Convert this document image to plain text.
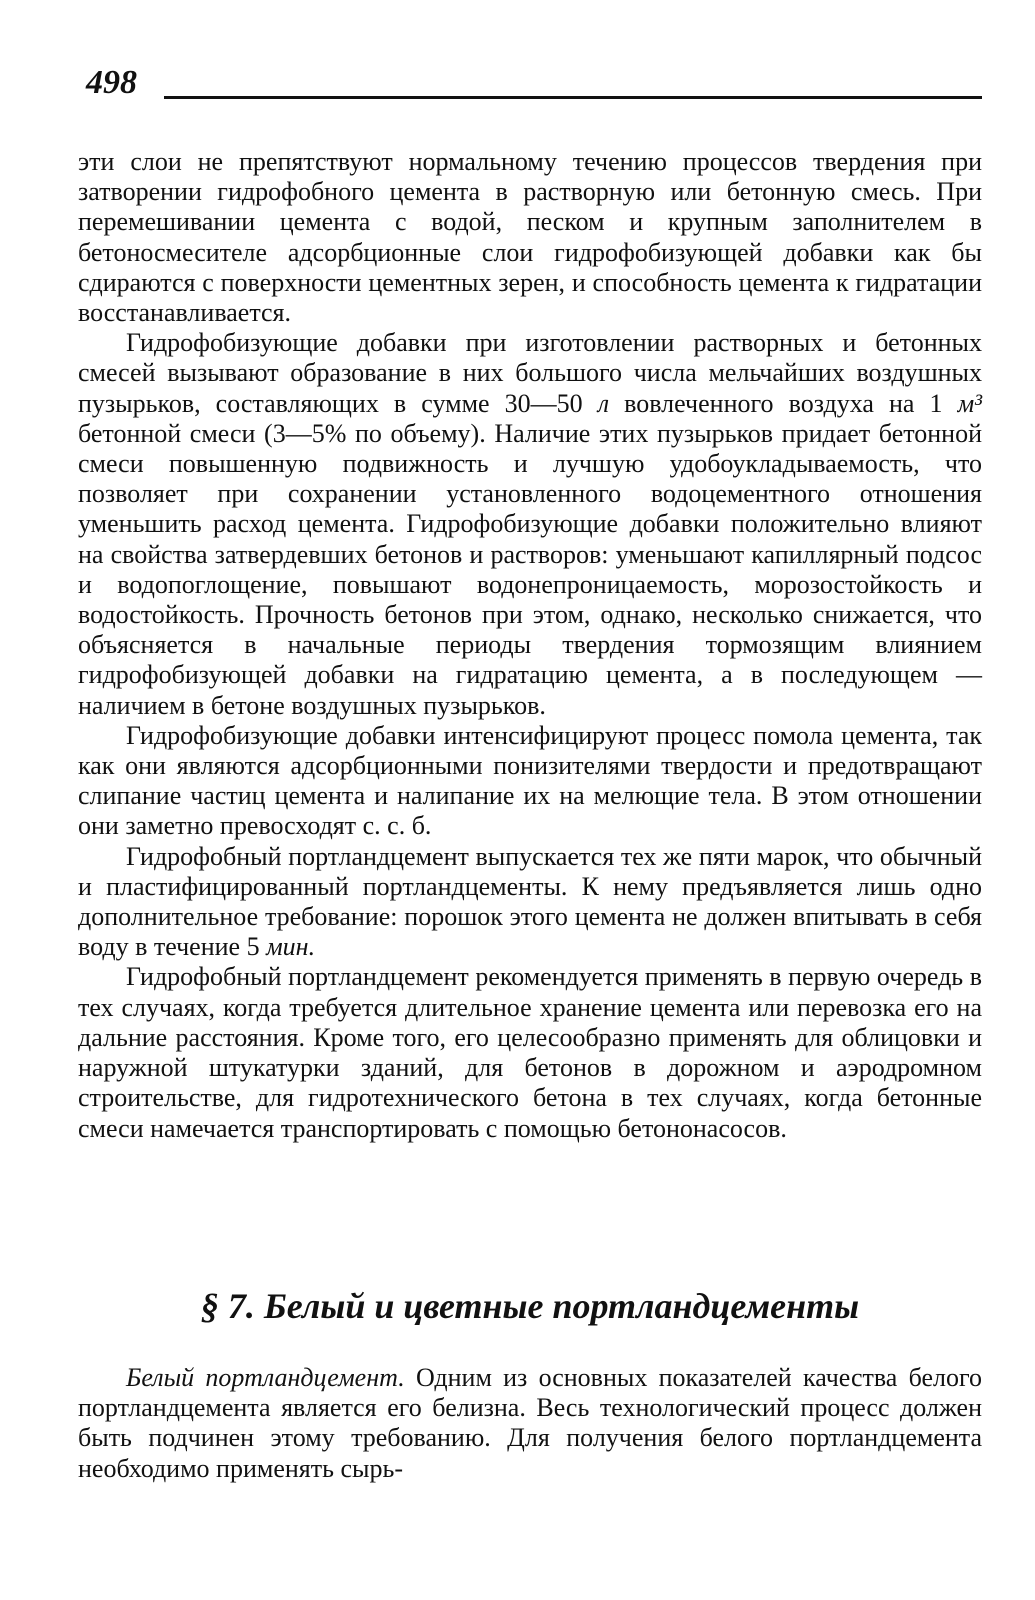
498

эти слои не препятствуют нормальному течению процессов твердения при затворении гидрофобного цемента в растворную или бетонную смесь. При перемешивании цемента с водой, песком и крупным заполнителем в бетоносмесителе адсорбционные слои гидрофобизующей добавки как бы сдираются с поверхности цементных зерен, и способность цемента к гидратации восстанавливается.

Гидрофобизующие добавки при изготовлении растворных и бетонных смесей вызывают образование в них большого числа мельчайших воздушных пузырьков, составляющих в сумме 30—50 л вовлеченного воздуха на 1 м³ бетонной смеси (3—5% по объему). Наличие этих пузырьков придает бетонной смеси повышенную подвижность и лучшую удобоукладываемость, что позволяет при сохранении установленного водоцементного отношения уменьшить расход цемента. Гидрофобизующие добавки положительно влияют на свойства затвердевших бетонов и растворов: уменьшают капиллярный подсос и водопоглощение, повышают водонепроницаемость, морозостойкость и водостойкость. Прочность бетонов при этом, однако, несколько снижается, что объясняется в начальные периоды твердения тормозящим влиянием гидрофобизующей добавки на гидратацию цемента, а в последующем — наличием в бетоне воздушных пузырьков.

Гидрофобизующие добавки интенсифицируют процесс помола цемента, так как они являются адсорбционными понизителями твердости и предотвращают слипание частиц цемента и налипание их на мелющие тела. В этом отношении они заметно превосходят с. с. б.

Гидрофобный портландцемент выпускается тех же пяти марок, что обычный и пластифицированный портландцементы. К нему предъявляется лишь одно дополнительное требование: порошок этого цемента не должен впитывать в себя воду в течение 5 мин.

Гидрофобный портландцемент рекомендуется применять в первую очередь в тех случаях, когда требуется длительное хранение цемента или перевозка его на дальние расстояния. Кроме того, его целесообразно применять для облицовки и наружной штукатурки зданий, для бетонов в дорожном и аэродромном строительстве, для гидротехнического бетона в тех случаях, когда бетонные смеси намечается транспортировать с помощью бетононасосов.

§ 7. Белый и цветные портландцементы

Белый портландцемент. Одним из основных показателей качества белого портландцемента является его белизна. Весь технологический процесс должен быть подчинен этому требованию. Для получения белого портландцемента необходимо применять сырь-
